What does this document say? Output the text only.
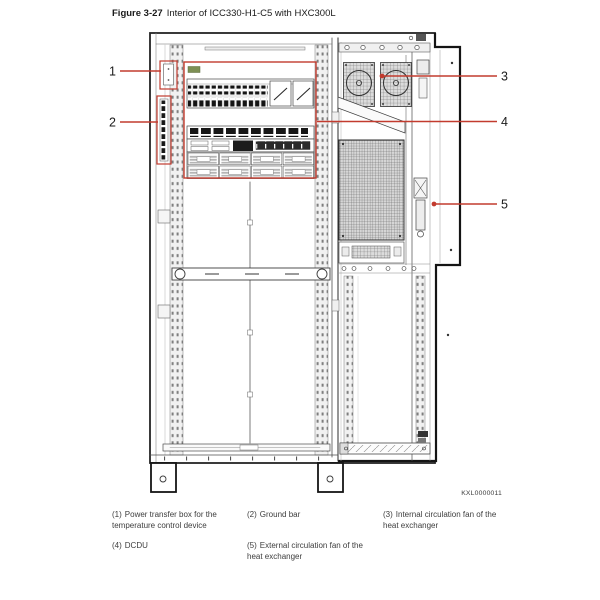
Figure 3-27 Interior of ICC330-H1-C5 with HXC300L
1
2
3
4
5
KXL0000011
(1) Power transfer box for the temperature control device
(2) Ground bar	(3) Internal circulation fan of the heat exchanger
(4) DCDU	(5) External circulation fan of the heat exchanger
